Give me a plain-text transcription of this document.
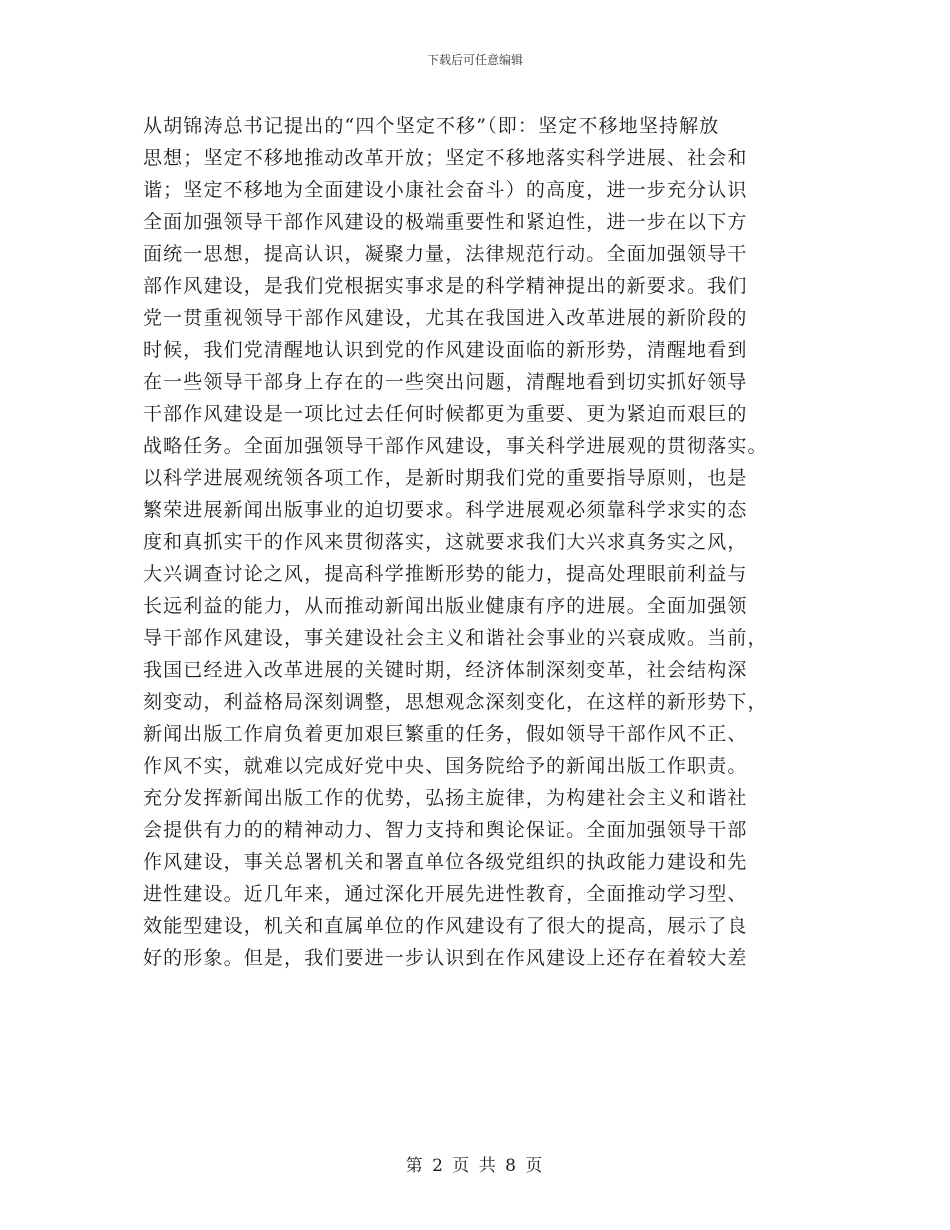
下载后可任意编辑
从胡锦涛总书记提出的“四个坚定不移”（即：坚定不移地坚持解放
思想；坚定不移地推动改革开放；坚定不移地落实科学进展、社会和
谐；坚定不移地为全面建设小康社会奋斗）的高度，进一步充分认识
全面加强领导干部作风建设的极端重要性和紧迫性，进一步在以下方
面统一思想，提高认识，凝聚力量，法律规范行动。全面加强领导干
部作风建设，是我们党根据实事求是的科学精神提出的新要求。我们
党一贯重视领导干部作风建设，尤其在我国进入改革进展的新阶段的
时候，我们党清醒地认识到党的作风建设面临的新形势，清醒地看到
在一些领导干部身上存在的一些突出问题，清醒地看到切实抓好领导
干部作风建设是一项比过去任何时候都更为重要、更为紧迫而艰巨的
战略任务。全面加强领导干部作风建设，事关科学进展观的贯彻落实。
以科学进展观统领各项工作，是新时期我们党的重要指导原则，也是
繁荣进展新闻出版事业的迫切要求。科学进展观必须靠科学求实的态
度和真抓实干的作风来贯彻落实，这就要求我们大兴求真务实之风，
大兴调查讨论之风，提高科学推断形势的能力，提高处理眼前利益与
长远利益的能力，从而推动新闻出版业健康有序的进展。全面加强领
导干部作风建设，事关建设社会主义和谐社会事业的兴衰成败。当前，
我国已经进入改革进展的关键时期，经济体制深刻变革，社会结构深
刻变动，利益格局深刻调整，思想观念深刻变化，在这样的新形势下，
新闻出版工作肩负着更加艰巨繁重的任务，假如领导干部作风不正、
作风不实，就难以完成好党中央、国务院给予的新闻出版工作职责。
充分发挥新闻出版工作的优势，弘扬主旋律，为构建社会主义和谐社
会提供有力的的精神动力、智力支持和舆论保证。全面加强领导干部
作风建设，事关总署机关和署直单位各级党组织的执政能力建设和先
进性建设。近几年来，通过深化开展先进性教育，全面推动学习型、
效能型建设，机关和直属单位的作风建设有了很大的提高，展示了良
好的形象。但是，我们要进一步认识到在作风建设上还存在着较大差
第 2 页 共 8 页
